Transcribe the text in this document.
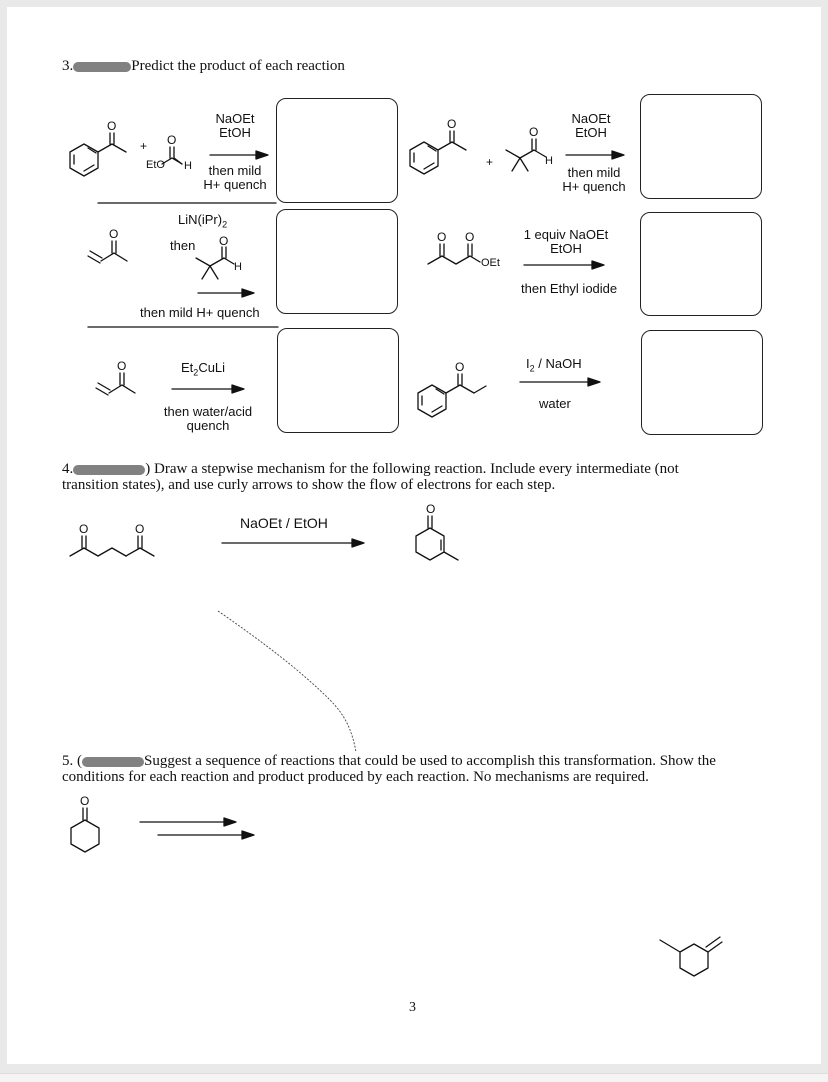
3.	Predict the product of each reaction
O
+ O
EtO H
NaOEt
EtOH
then mild
H+ quench
O
+
O
H
NaOEt
EtOH
then mild
H+ quench
O
$LiN(iPr)_2$
then O
H
then mild H+ quench
O O
OEt
1 equiv NaOEt
EtOH
then Ethyl iodide
O	$Et_2CuLi$
then water/acid
quench
O	$I_2$ / NaOH
water
4.	) Draw a stepwise mechanism for the following reaction. Include every intermediate (not
transition states), and use curly arrows to show the flow of electrons for each step.
O	O	NaOEt / EtOH
O
5. (	Suggest a sequence of reactions that could be used to accomplish this transformation. Show the
conditions for each reaction and product produced by each reaction. No mechanisms are required.
O
3
